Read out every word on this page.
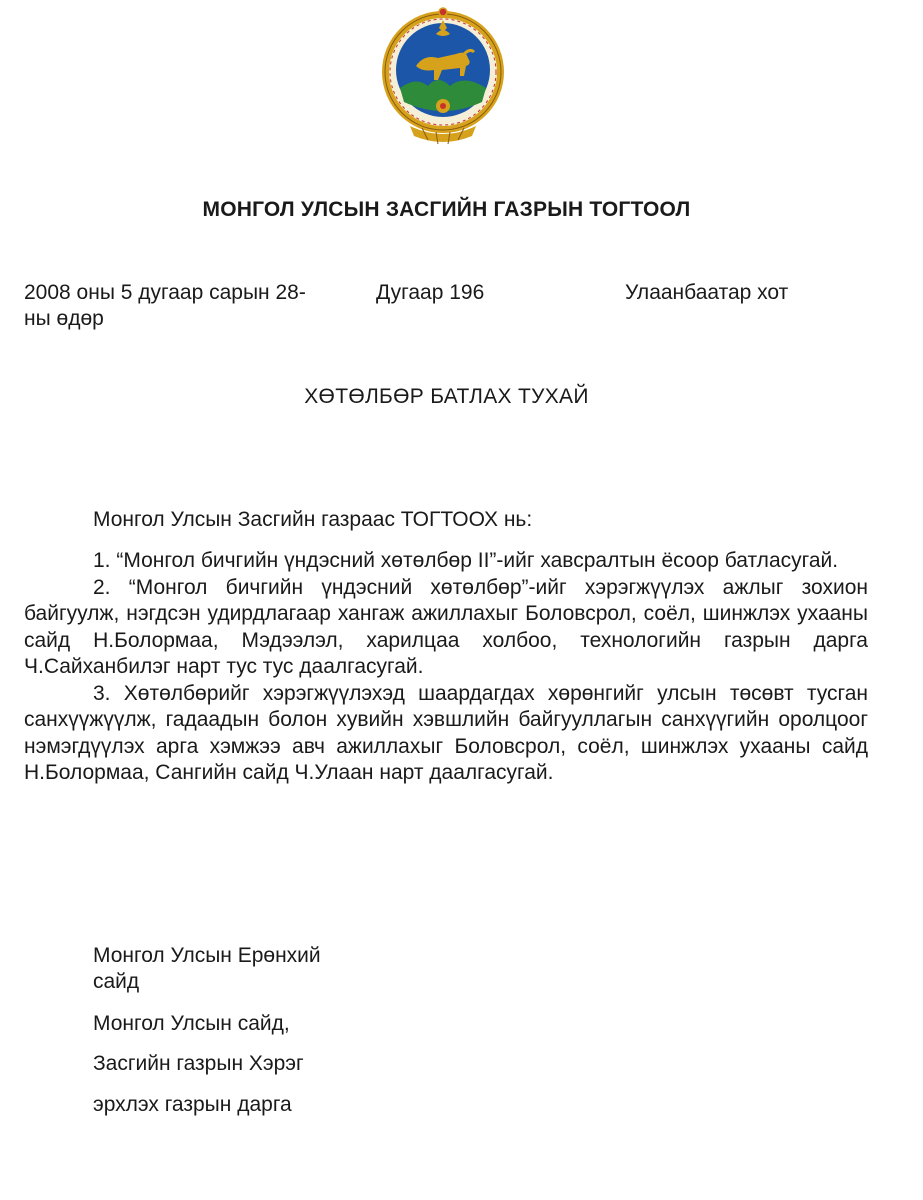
МОНГОЛ УЛСЫН ЗАСГИЙН ГАЗРЫН ТОГТООЛ
2008 оны 5 дугаар сарын 28-ны өдөр
Дугаар 196	Улаанбаатар хот
ХӨТӨЛБӨР БАТЛАХ ТУХАЙ
Монгол Улсын Засгийн газраас ТОГТООХ нь:

1. “Монгол бичгийн үндэсний хөтөлбөр II”-ийг хавсралтын ёсоор батлаcугай.

2. “Монгол бичгийн үндэсний хөтөлбөр”-ийг хэрэгжүүлэх ажлыг зохион байгуулж, нэгдсэн удирдлагаар хангаж ажиллахыг Боловсрол, соёл, шинжлэх ухааны сайд Н.Болормаа, Мэдээлэл, харилцаа холбоо, технологийн газрын дарга Ч.Сайханбилэг нарт тус тус даалгасугай.

3. Хөтөлбөрийг хэрэгжүүлэхэд шаардагдах хөрөнгийг улсын төсөвт тусган санхүүжүүлж, гадаадын болон хувийн хэвшлийн байгууллагын санхүүгийн оролцоог нэмэгдүүлэх арга хэмжээ авч ажиллахыг Боловсрол, соёл, шинжлэх ухааны сайд Н.Болормаа, Сангийн сайд Ч.Улаан нарт даалгасугай.

Монгол Улсын Ерөнхий сайд
Монгол Улсын сайд,
Засгийн газрын Хэрэг
эрхлэх газрын дарга
